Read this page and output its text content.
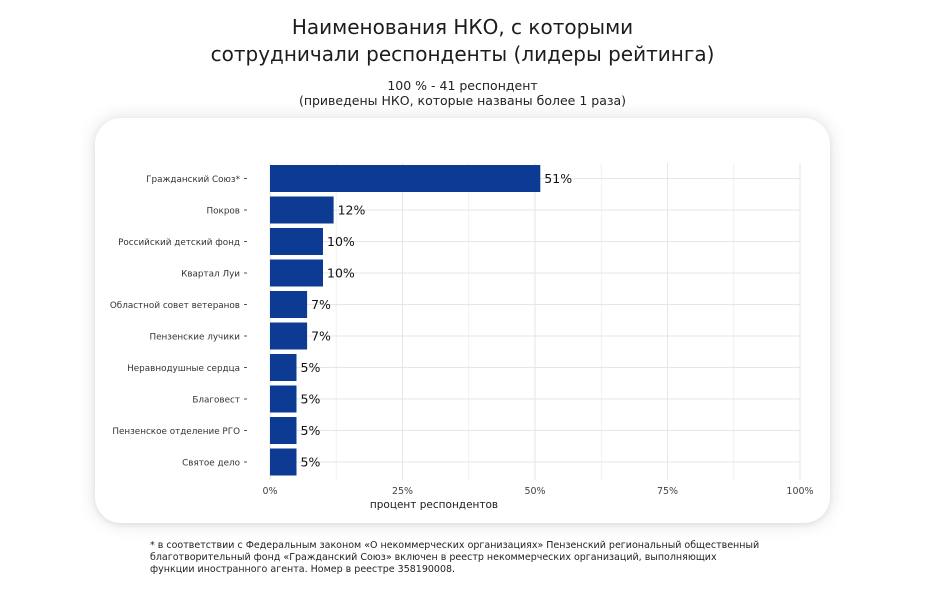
Наименования НКО, с которыми
сотрудничали респонденты (лидеры рейтинга)
100 % - 41 респондент
(приведены НКО, которые названы более 1 раза)
51%
12%
10%
10%
7%
7%
5%
5%
5%
5%
Гражданский Союз*
Покров
Российский детский фонд
Квартал Луи
Областной совет ветеранов
Пензенские лучики
Неравнодушные сердца
Благовест
Пензенское отделение РГО
Святое дело
0%	25%	50%	75%	100%
процент респондентов
* в соответствии с Федеральным законом «О некоммерческих организациях» Пензенский региональный общественный
благотворительный фонд «Гражданский Союз» включен в реестр некоммерческих организаций, выполняющих
функции иностранного агента. Номер в реестре 358190008.
